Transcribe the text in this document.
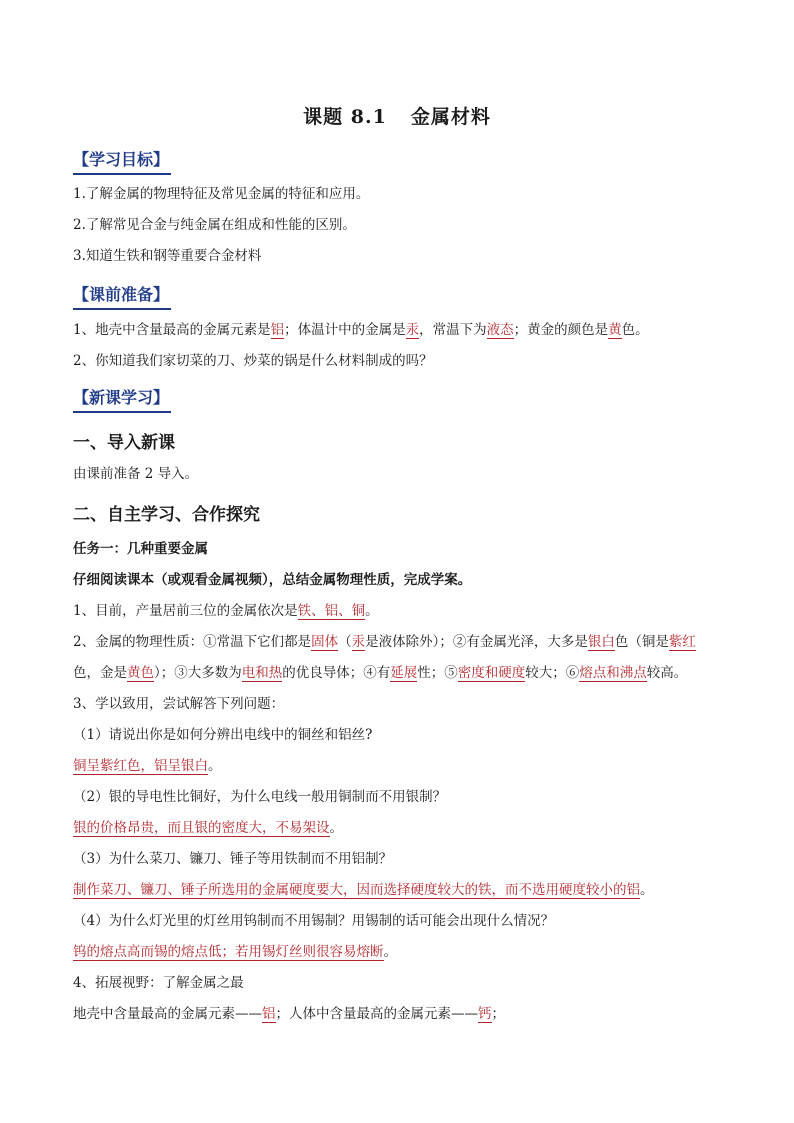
课题 8.1 金属材料
【学习目标】
1.了解金属的物理特征及常见金属的特征和应用。
2.了解常见合金与纯金属在组成和性能的区别。
3.知道生铁和钢等重要合金材料
【课前准备】
1、地壳中含量最高的金属元素是铝；体温计中的金属是汞，常温下为液态；黄金的颜色是黄色。
2、你知道我们家切菜的刀、炒菜的锅是什么材料制成的吗？
【新课学习】
一、导入新课
由课前准备 2 导入。
二、自主学习、合作探究
任务一：几种重要金属
仔细阅读课本（或观看金属视频），总结金属物理性质，完成学案。
1、目前，产量居前三位的金属依次是铁、铝、铜。
2、金属的物理性质：①常温下它们都是固体（汞是液体除外）；②有金属光泽，大多是银白色（铜是紫红
色，金是黄色）；③大多数为电和热的优良导体；④有延展性；⑤密度和硬度较大；⑥熔点和沸点较高。
3、学以致用，尝试解答下列问题：
（1）请说出你是如何分辨出电线中的铜丝和铝丝?
铜呈紫红色，铝呈银白。
（2）银的导电性比铜好，为什么电线一般用铜制而不用银制？
银的价格昂贵，而且银的密度大，不易架设。
（3）为什么菜刀、镰刀、锤子等用铁制而不用铝制？
制作菜刀、镰刀、锤子所选用的金属硬度要大，因而选择硬度较大的铁，而不选用硬度较小的铝。
（4）为什么灯光里的灯丝用钨制而不用锡制？用锡制的话可能会出现什么情况？
钨的熔点高而锡的熔点低；若用锡灯丝则很容易熔断。
4、拓展视野：了解金属之最
地壳中含量最高的金属元素——铝；人体中含量最高的金属元素——钙；
